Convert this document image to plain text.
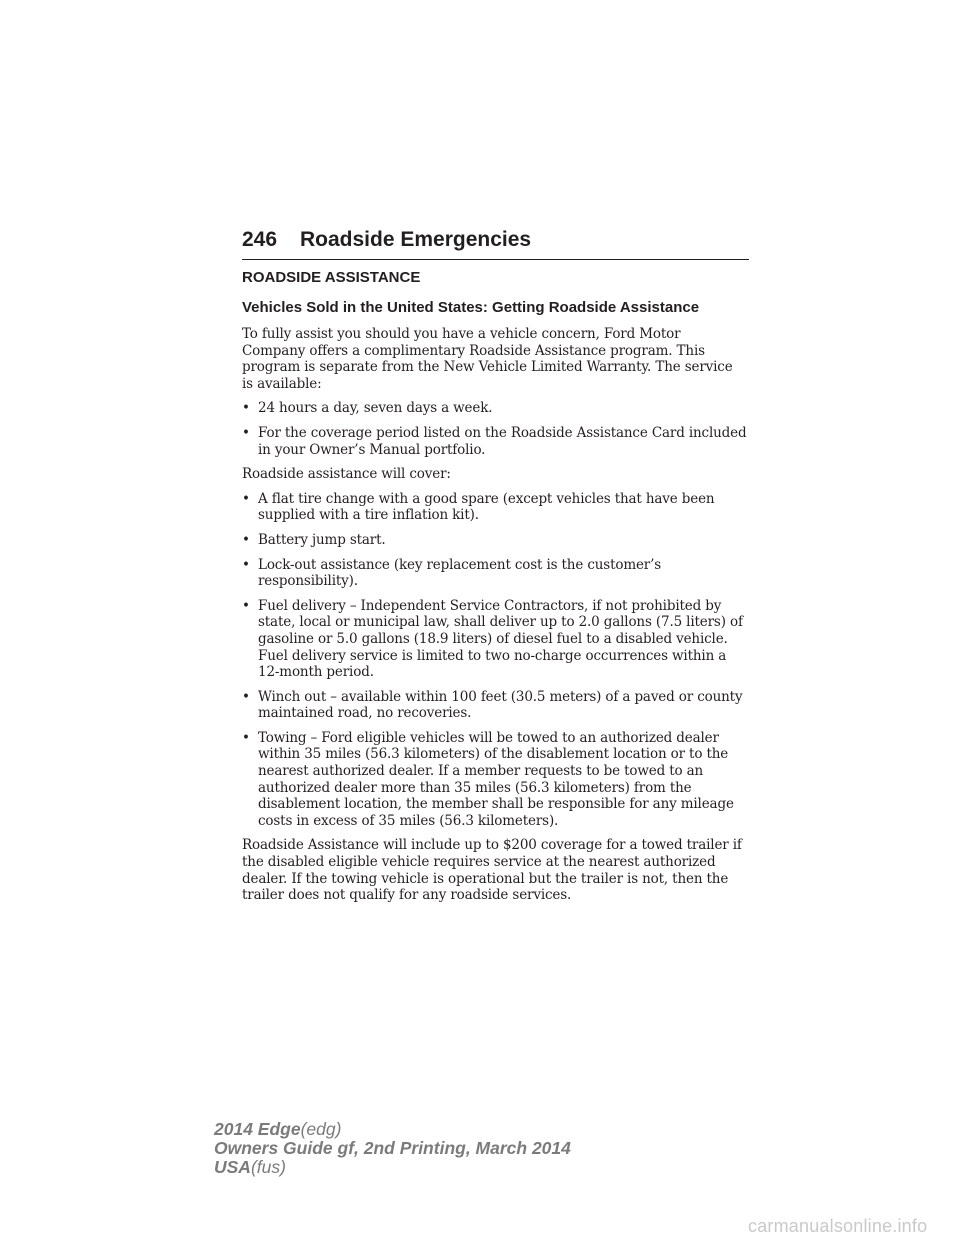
246	Roadside Emergencies
ROADSIDE ASSISTANCE
Vehicles Sold in the United States: Getting Roadside Assistance

To fully assist you should you have a vehicle concern, Ford Motor Company offers a complimentary Roadside Assistance program. This program is separate from the New Vehicle Limited Warranty. The service is available:

• 24 hours a day, seven days a week.
• For the coverage period listed on the Roadside Assistance Card included in your Owner’s Manual portfolio.

Roadside assistance will cover:

• A flat tire change with a good spare (except vehicles that have been supplied with a tire inflation kit).
• Battery jump start.
• Lock-out assistance (key replacement cost is the customer’s responsibility).
• Fuel delivery – Independent Service Contractors, if not prohibited by state, local or municipal law, shall deliver up to 2.0 gallons (7.5 liters) of gasoline or 5.0 gallons (18.9 liters) of diesel fuel to a disabled vehicle. Fuel delivery service is limited to two no-charge occurrences within a 12-month period.
• Winch out – available within 100 feet (30.5 meters) of a paved or county maintained road, no recoveries.
• Towing – Ford eligible vehicles will be towed to an authorized dealer within 35 miles (56.3 kilometers) of the disablement location or to the nearest authorized dealer. If a member requests to be towed to an authorized dealer more than 35 miles (56.3 kilometers) from the disablement location, the member shall be responsible for any mileage costs in excess of 35 miles (56.3 kilometers).

Roadside Assistance will include up to $200 coverage for a towed trailer if the disabled eligible vehicle requires service at the nearest authorized dealer. If the towing vehicle is operational but the trailer is not, then the trailer does not qualify for any roadside services.

2014 Edge(edg)
Owners Guide gf, 2nd Printing, March 2014
USA(fus)
carmanualsonline.info
